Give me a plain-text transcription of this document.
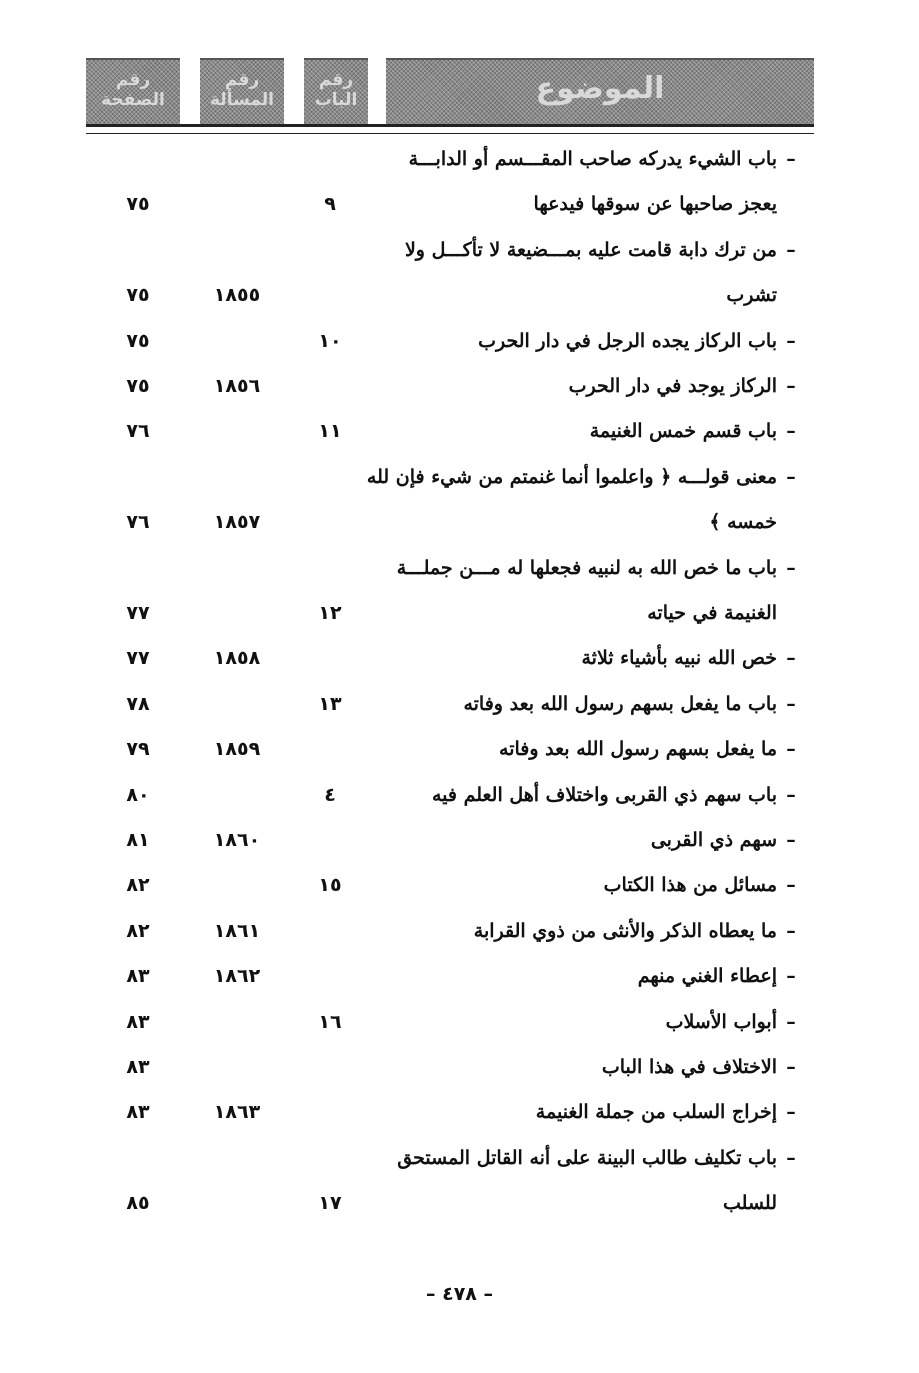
رقم الصفحة
رقم المسألة
رقم الباب	الموضوع
–باب الشيء يدركه صاحب المقـــسم أو الدابـــة
يعجز صاحبها عن سوقها فيدعها
٩
٧٥
–من ترك دابة قامت عليه بمـــضيعة لا تأكـــل ولا
تشرب
١٨٥٥
٧٥
–باب الركاز يجده الرجل في دار الحرب
١٠
٧٥
–الركاز يوجد في دار الحرب
١٨٥٦
٧٥
–باب قسم خمس الغنيمة
١١
٧٦
–معنى قولـــه ﴿ واعلموا أنما غنمتم من شيء فإن لله
خمسه ﴾
١٨٥٧
٧٦
–باب ما خص الله به لنبيه فجعلها له مـــن جملـــة
الغنيمة في حياته
١٢
٧٧
–خص الله نبيه بأشياء ثلاثة
١٨٥٨
٧٧
–باب ما يفعل بسهم رسول الله بعد وفاته
١٣
٧٨
–ما يفعل بسهم رسول الله بعد وفاته
١٨٥٩
٧٩
–باب سهم ذي القربى واختلاف أهل العلم فيه
٤
٨٠
–سهم ذي القربى
١٨٦٠
٨١
–مسائل من هذا الكتاب
١٥
٨٢
–ما يعطاه الذكر والأنثى من ذوي القرابة
١٨٦١
٨٢
–إعطاء الغني منهم
١٨٦٢
٨٣
–أبواب الأسلاب
١٦
٨٣
–الاختلاف في هذا الباب
٨٣
–إخراج السلب من جملة الغنيمة
١٨٦٣
٨٣
–باب تكليف طالب البينة على أنه القاتل المستحق
للسلب
١٧
٨٥
– ٤٧٨ –
